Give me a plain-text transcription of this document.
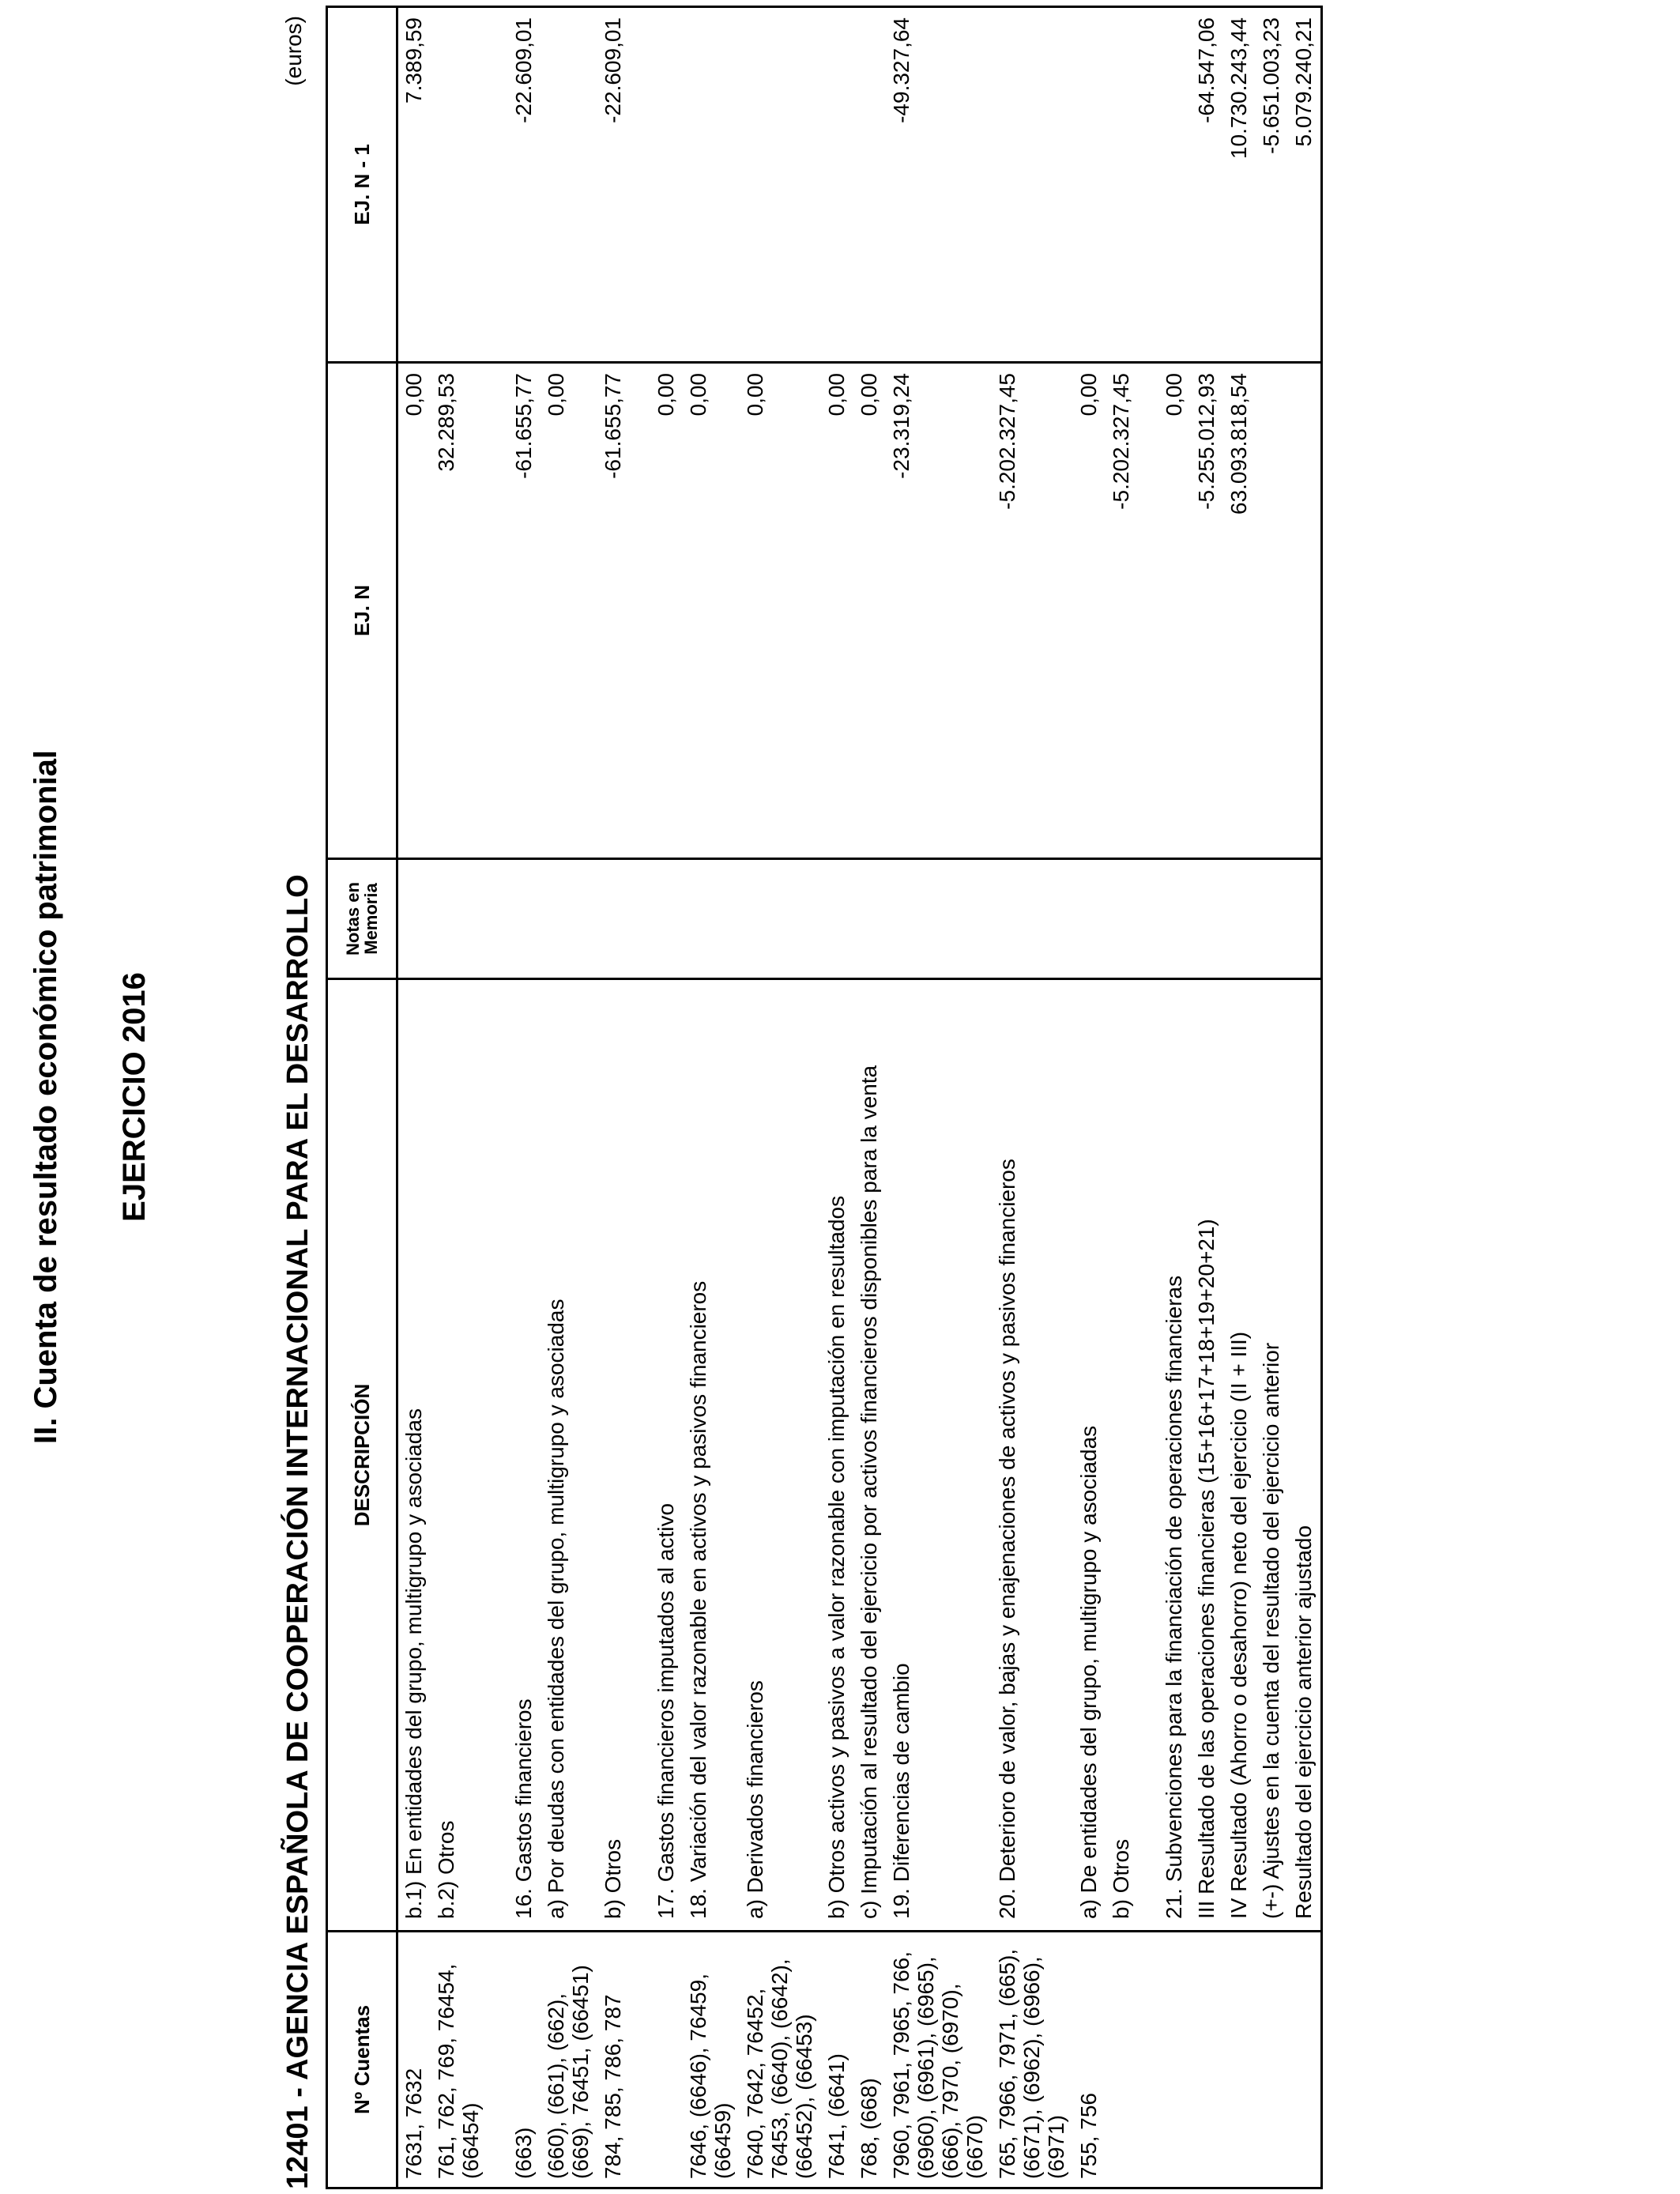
II. Cuenta de resultado económico patrimonial EJERCICIO 2016	12401 - AGENCIA ESPAÑOLA DE COOPERACIÓN INTERNACIONAL PARA EL DESARROLLO
(euros)
Nº Cuentas	DESCRIPCIÓN	Notas en Memoria	EJ. N	EJ. N - 1
7631, 7632	b.1) En entidades del grupo, multigrupo y asociadas		0,00	7.389,59
761, 762, 769, 76454, (66454)	b.2) Otros		32.289,53	
(663)	16. Gastos financieros		-61.655,77	-22.609,01
(660), (661), (662), (669), 76451, (66451)	a) Por deudas con entidades del grupo, multigrupo y asociadas		0,00	
784, 785, 786, 787	b) Otros		-61.655,77	-22.609,01
	17. Gastos financieros imputados al activo		0,00	
7646, (6646), 76459, (66459)	18. Variación del valor razonable en activos y pasivos financieros		0,00	
7640, 7642, 76452, 76453, (6640), (6642), (66452), (66453)	a) Derivados financieros		0,00	
7641, (6641)	b) Otros activos y pasivos a valor razonable con imputación en resultados		0,00	
768, (668)	c) Imputación al resultado del ejercicio por activos financieros disponibles para la venta		0,00	
7960, 7961, 7965, 766, (6960), (6961), (6965), (666), 7970, (6970), (6670)	19. Diferencias de cambio		-23.319,24	-49.327,64
765, 7966, 7971, (665), (6671), (6962), (6966), (6971)	20. Deterioro de valor, bajas y enajenaciones de activos y pasivos financieros		-5.202.327,45	
755, 756	a) De entidades del grupo, multigrupo y asociadas		0,00	
	b) Otros		-5.202.327,45	
	21. Subvenciones para la financiación de operaciones financieras		0,00	
	III Resultado de las operaciones financieras (15+16+17+18+19+20+21)		-5.255.012,93	-64.547,06
	IV Resultado (Ahorro o desahorro) neto del ejercicio (II + III)		63.093.818,54	10.730.243,44
	(+-) Ajustes en la cuenta del resultado del ejercicio anterior			-5.651.003,23
	Resultado del ejercicio anterior ajustado			5.079.240,21
